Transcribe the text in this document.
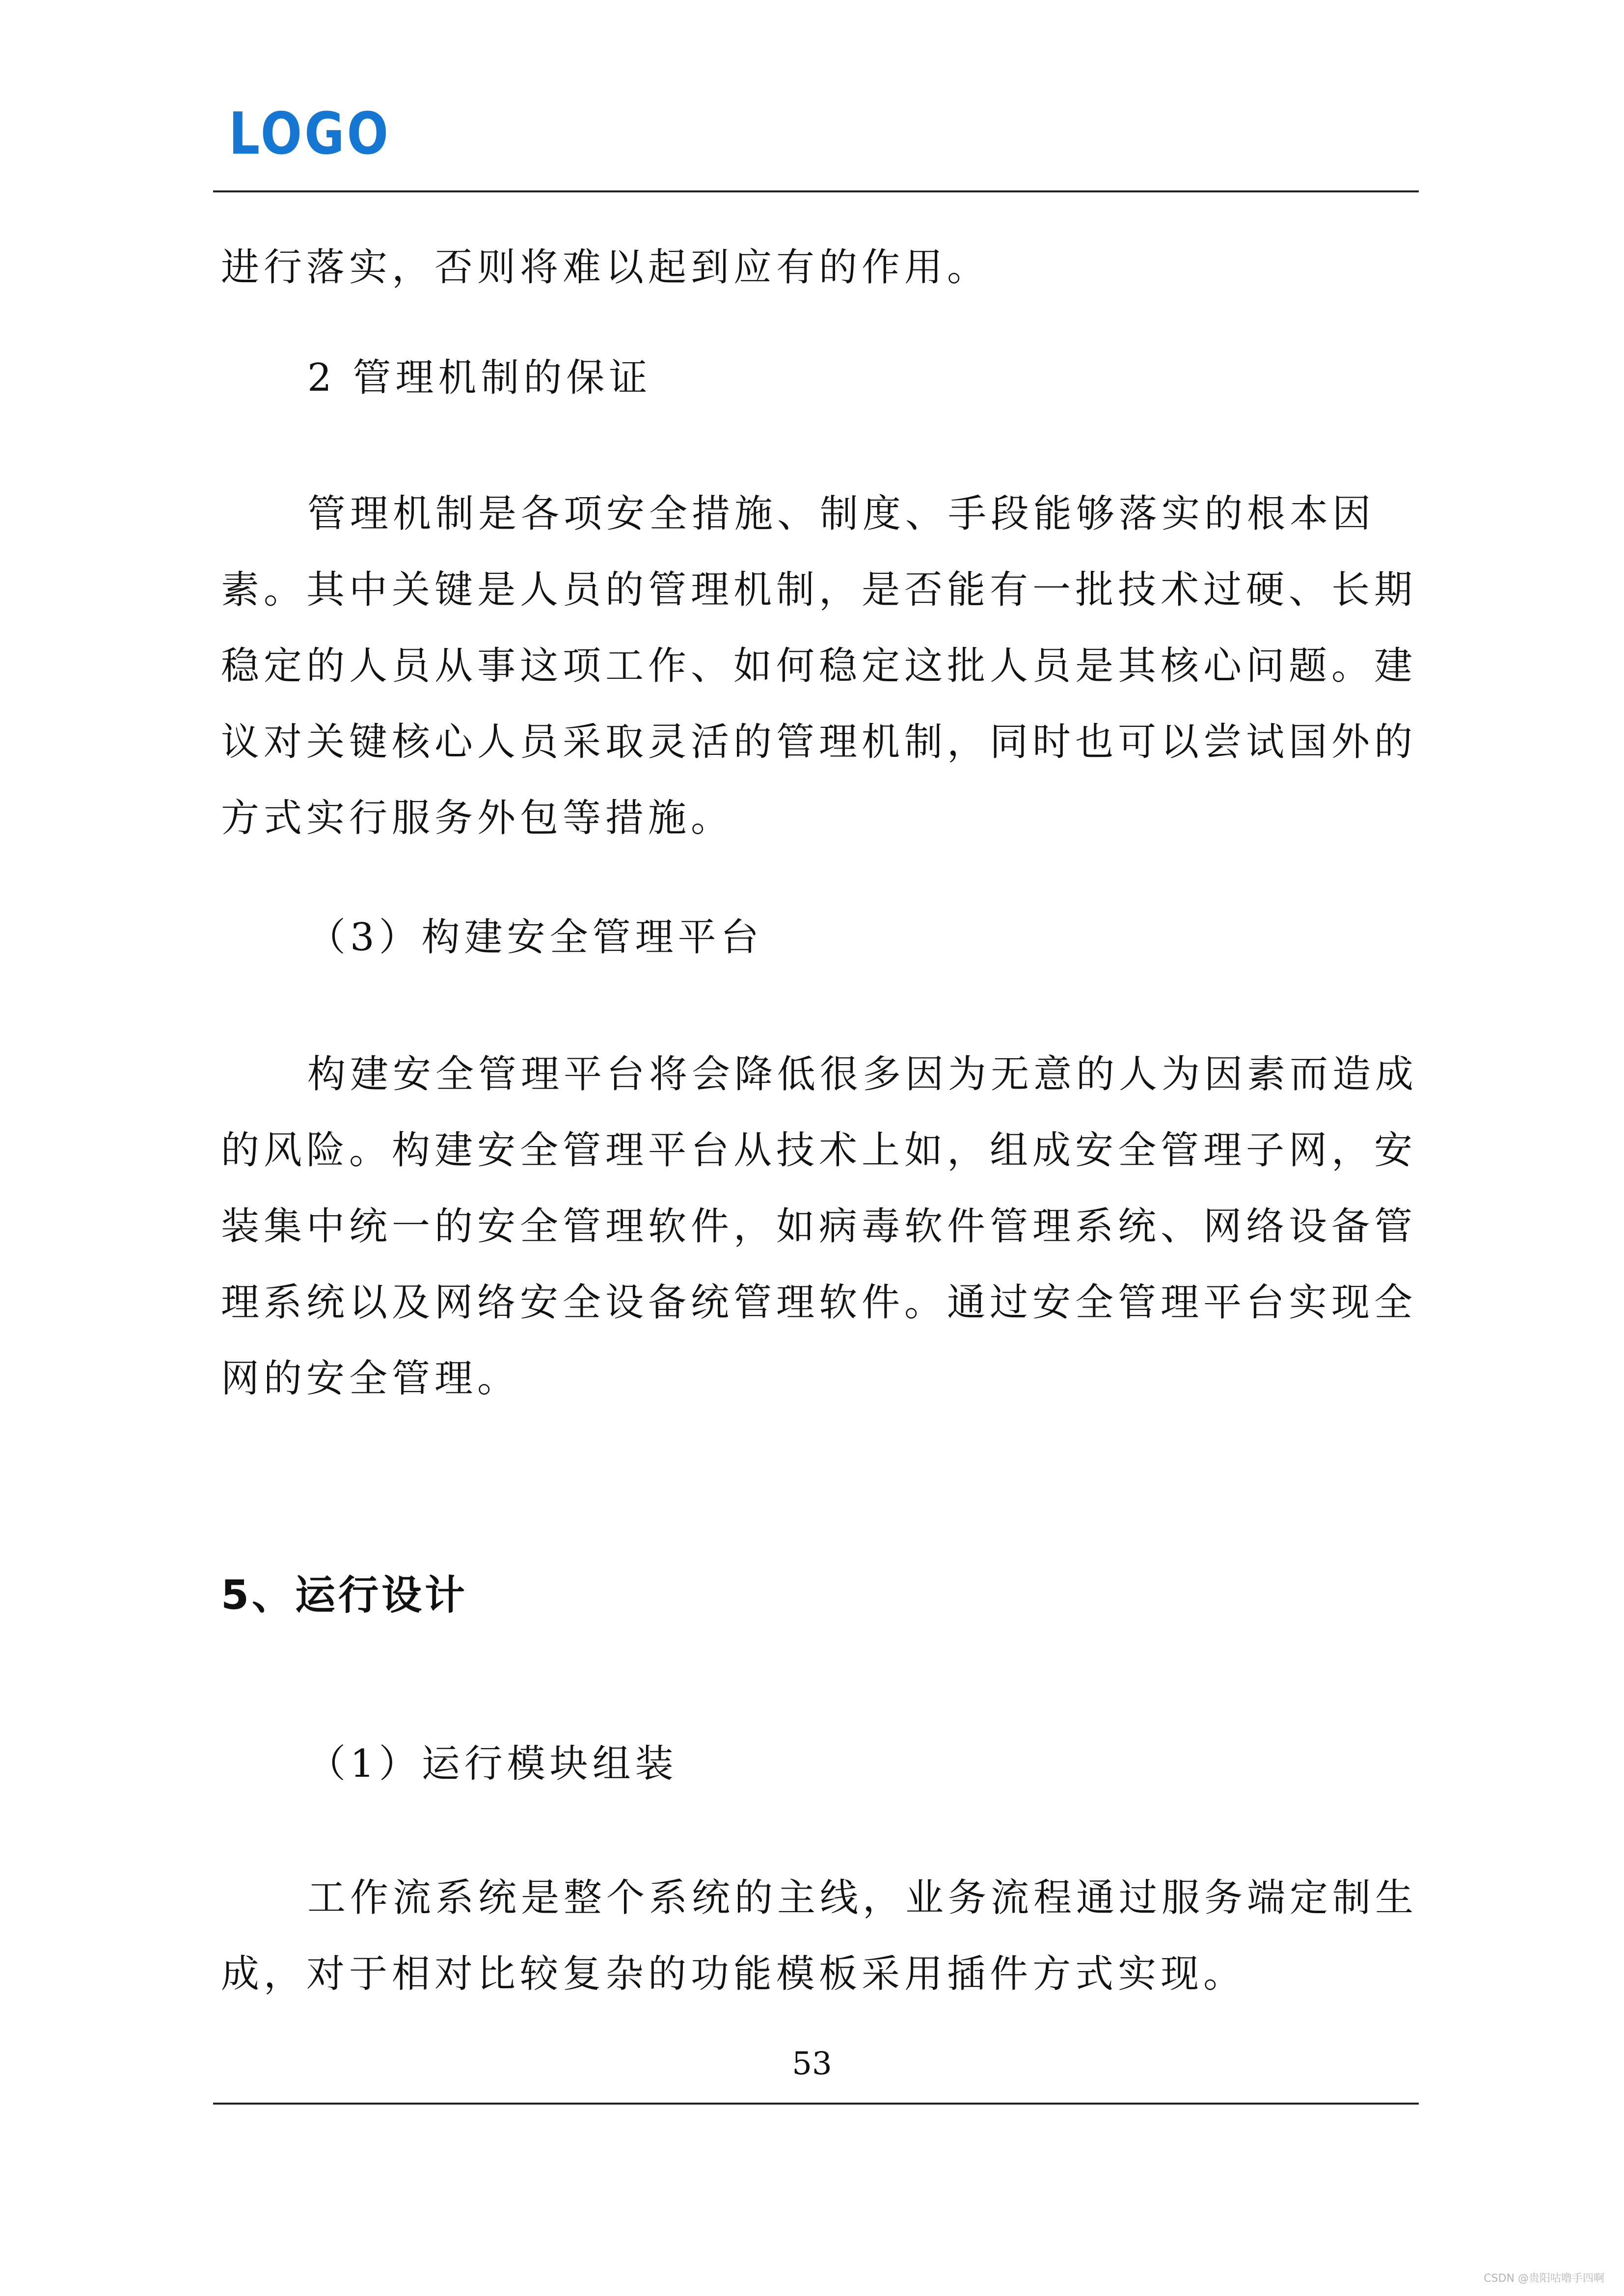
LOGO

进行落实，否则将难以起到应有的作用。

2 管理机制的保证

管理机制是各项安全措施、制度、手段能够落实的根本因素。其中关键是人员的管理机制，是否能有一批技术过硬、长期稳定的人员从事这项工作、如何稳定这批人员是其核心问题。建议对关键核心人员采取灵活的管理机制，同时也可以尝试国外的方式实行服务外包等措施。

（3）构建安全管理平台

构建安全管理平台将会降低很多因为无意的人为因素而造成的风险。构建安全管理平台从技术上如，组成安全管理子网，安装集中统一的安全管理软件，如病毒软件管理系统、网络设备管理系统以及网络安全设备统管理软件。通过安全管理平台实现全网的安全管理。

5、运行设计

（1）运行模块组装

工作流系统是整个系统的主线，业务流程通过服务端定制生成，对于相对比较复杂的功能模板采用插件方式实现。

53
CSDN @贵阳咕噜手四啊
